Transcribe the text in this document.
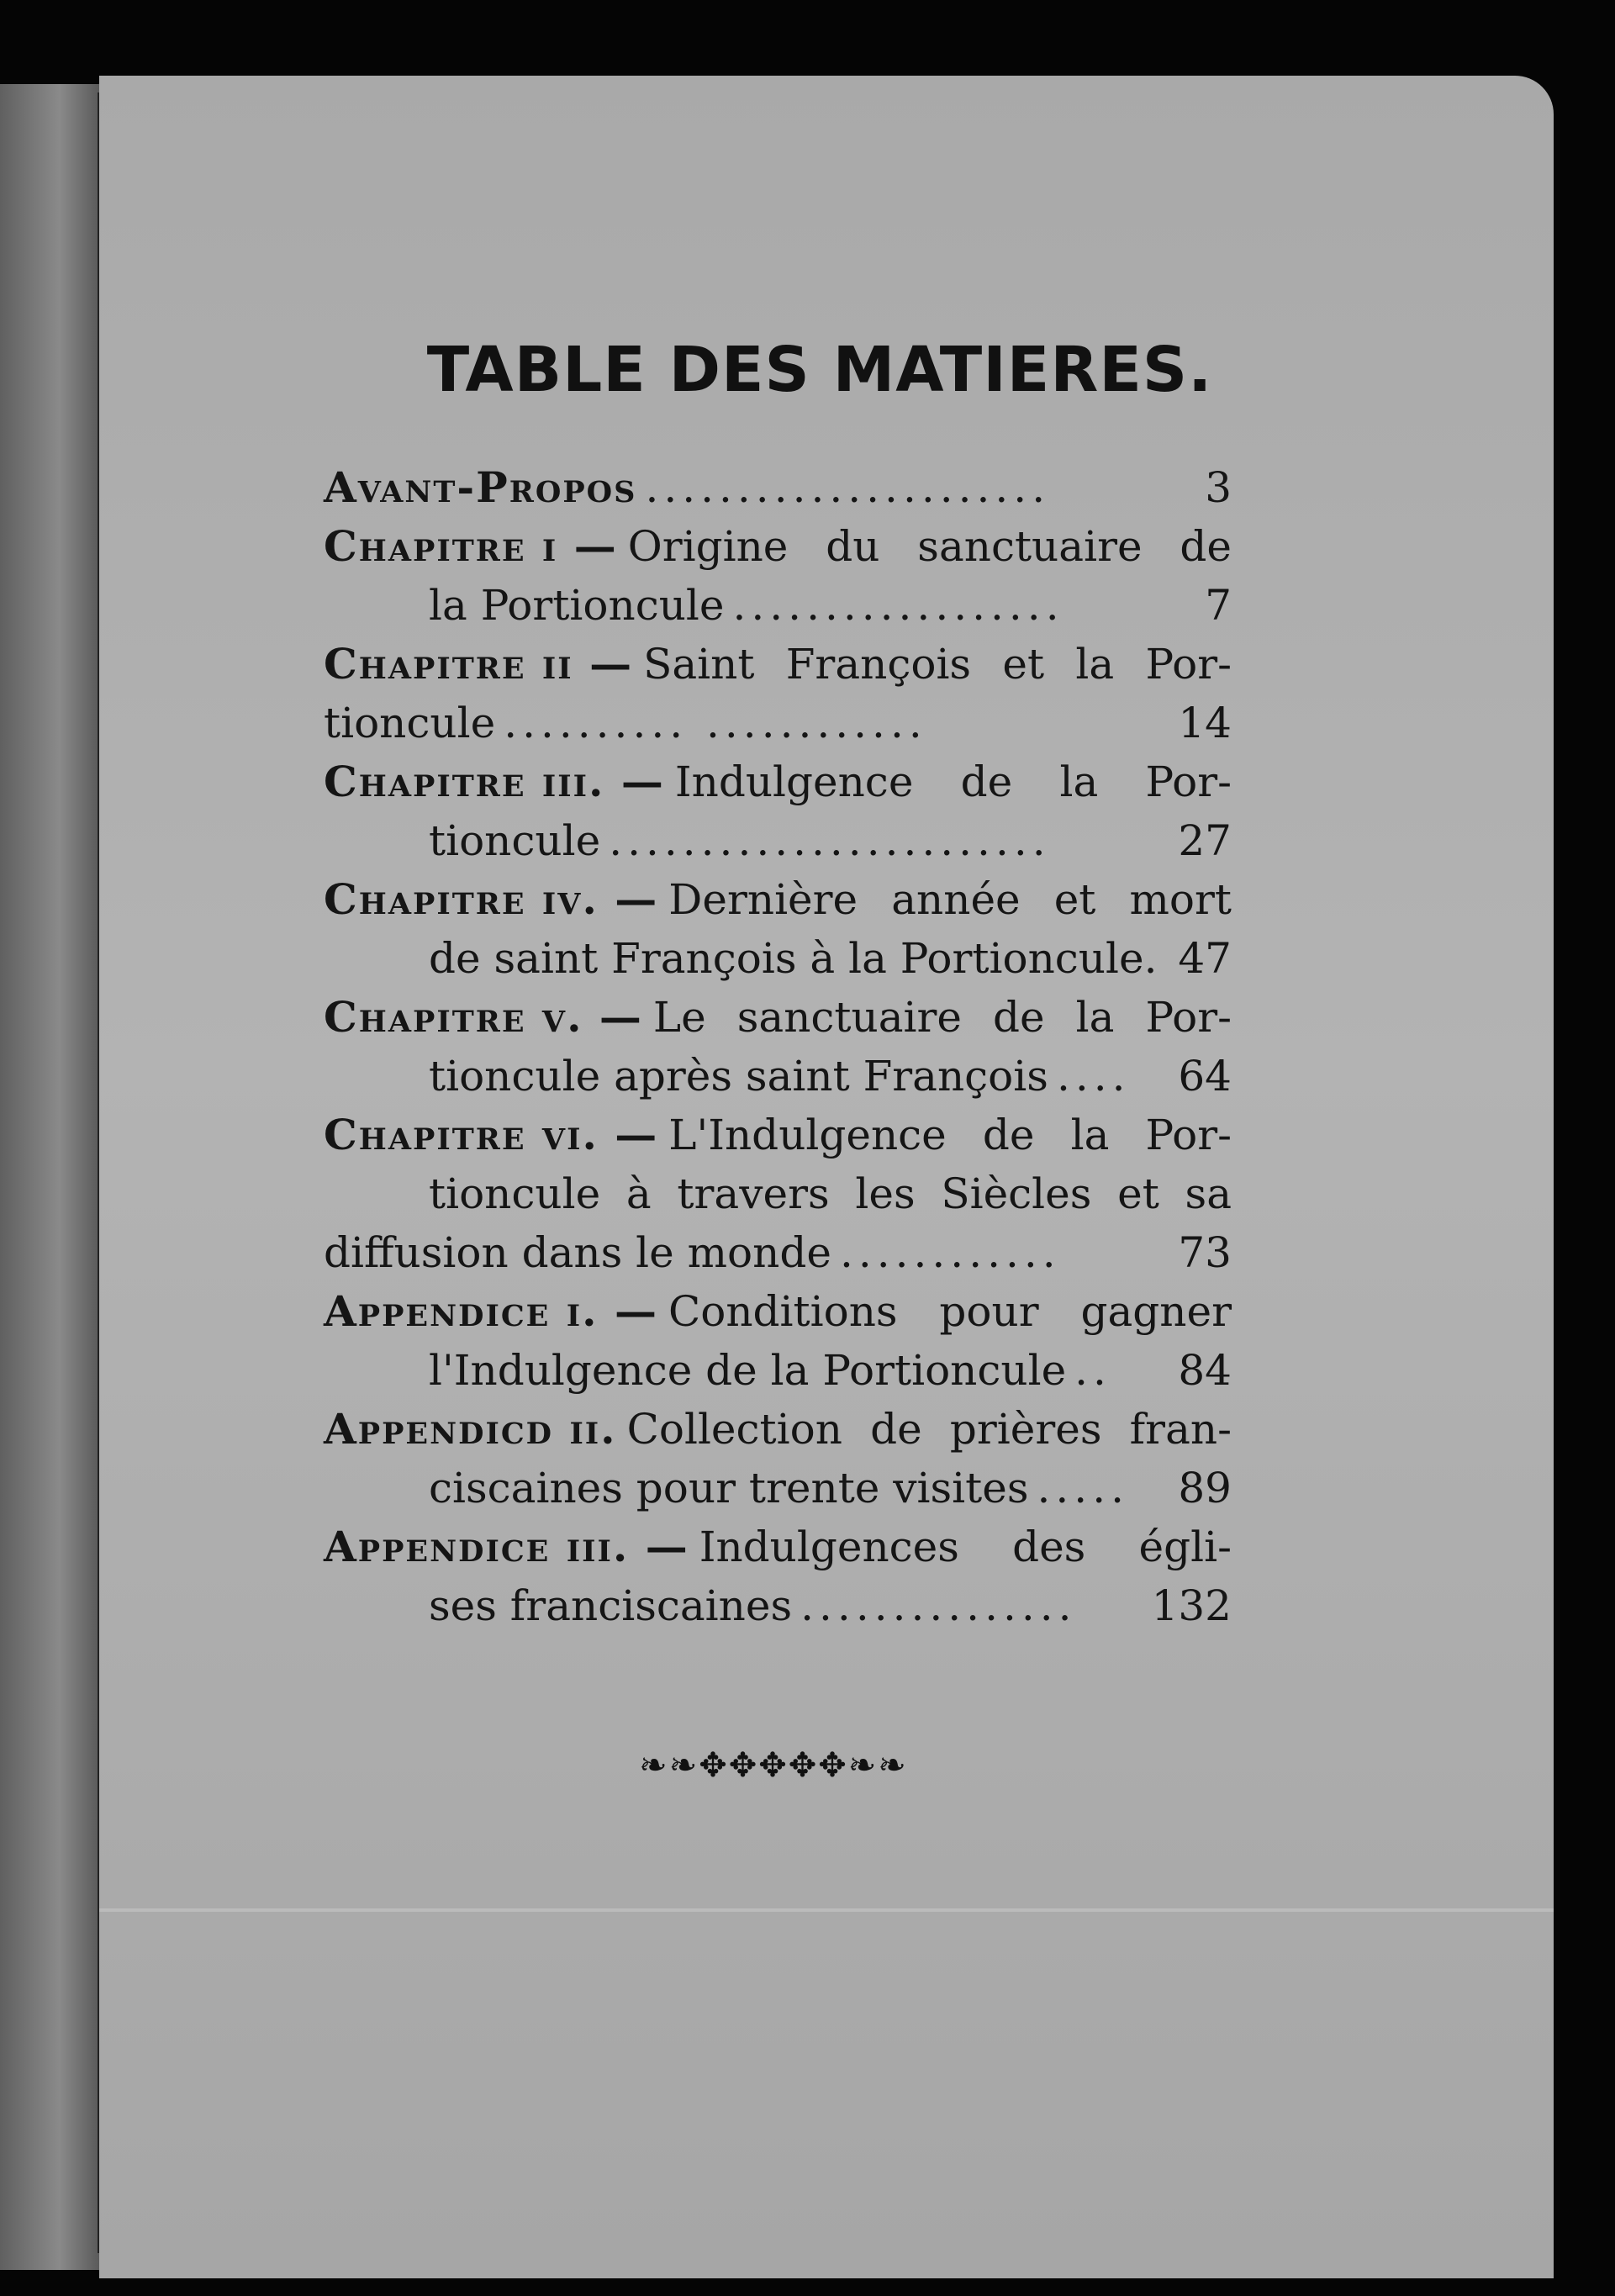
TABLE DES MATIERES.
Avant-Propos ......................	3
Chapitre i — Origine du sanctuaire de
la Portioncule ..................	7
Chapitre ii — Saint François et la Por-
tioncule .......... ............	14
Chapitre iii. — Indulgence de la Por-
tioncule ........................	27
Chapitre iv. — Dernière année et mort
de saint François à la Portioncule. 47
Chapitre v. — Le sanctuaire de la Por-
tioncule après saint François ....	64
Chapitre vi. — L'Indulgence de la Por-
tioncule à travers les Siècles et sa
diffusion dans le monde ............	73
Appendice i. — Conditions pour gagner
l'Indulgence de la Portioncule ..	84
Appendicd ii. Collection de prières fran-
ciscaines pour trente visites .....	89
Appendice iii. — Indulgences des égli-
ses franciscaines ...............	132
❧❧✥✥✥✥✥❧❧
